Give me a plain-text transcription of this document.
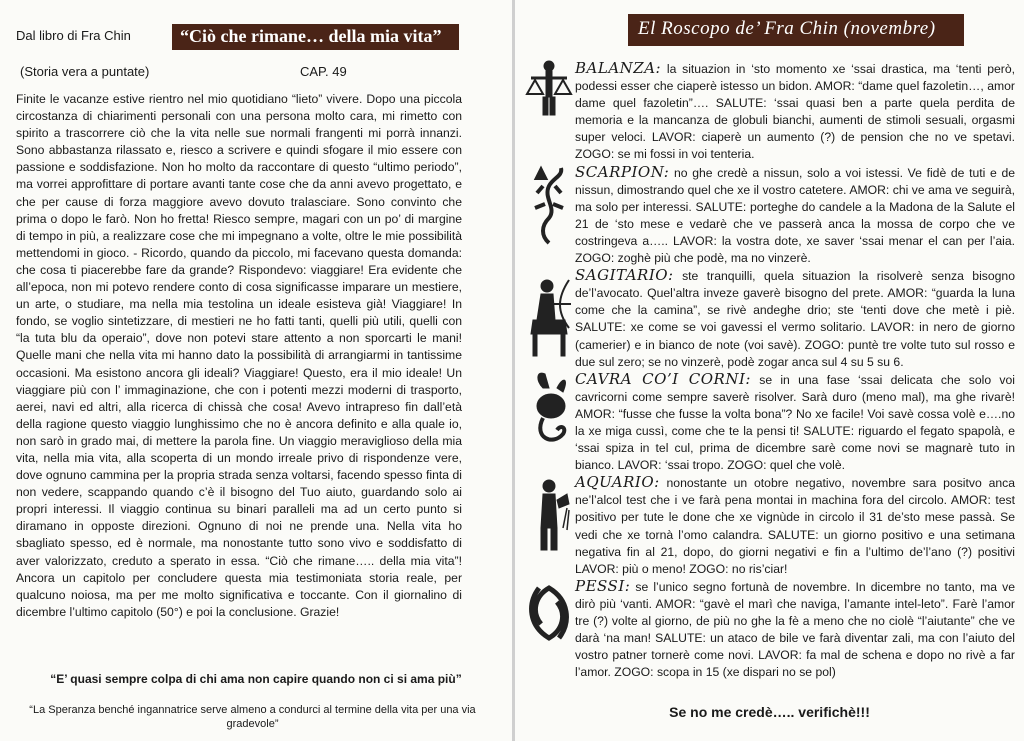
Dal libro di Fra Chin	“Ciò che rimane… della mia vita”
(Storia vera a puntate)	CAP. 49

Finite le vacanze estive rientro nel mio quotidiano “lieto” vivere. Dopo una piccola circostanza di chiarimenti personali con una persona molto cara, mi rimetto con spirito a trascorrere ciò che la vita nelle sue normali frangenti mi porrà innanzi. Sono abbastanza rilassato e, riesco a scrivere e quindi sfogare il mio essere con passione e soddisfazione. Non ho molto da raccontare di questo “ultimo periodo”, ma vorrei approfittare di portare avanti tante cose che da anni avevo progettato, e che per cause di forza maggiore avevo dovuto tralasciare. Sono convinto che prima o dopo le farò. Non ho fretta! Riesco sempre, magari con un po’ di margine di tempo in più, a realizzare cose che mi impegnano a volte, oltre le mie possibilità mettendomi in gioco. - Ricordo, quando da piccolo, mi facevano questa domanda: che cosa ti piacerebbe fare da grande? Rispondevo: viaggiare! Era evidente che all’epoca, non mi potevo rendere conto di cosa significasse imparare un mestiere, un arte, o studiare, ma nella mia testolina un ideale esisteva già! Viaggiare! In fondo, se voglio sintetizzare, di mestieri ne ho fatti tanti, quelli più utili, quelli con “la tuta blu da operaio”, dove non potevi stare attento a non sporcarti le mani! Quelle mani che nella vita mi hanno dato la possibilità di arrangiarmi in tantissime occasioni. Ma esistono ancora gli ideali? Viaggiare! Questo, era il mio ideale! Un viaggiare più con l’ immaginazione, che con i potenti mezzi moderni di trasporto, aerei, navi ed altri, alla ricerca di chissà che cosa! Avevo intrapreso fin dall’età della ragione questo viaggio lunghissimo che no è ancora definito e alla quale io, non sarò in grado mai, di mettere la parola fine. Un viaggio meraviglioso della mia vita, nella mia vita, alla scoperta di un mondo irreale privo di rispondenze vere, dove ognuno cammina per la propria strada senza voltarsi, facendo spesso finta di non vedere, scappando quando c’è il bisogno del Tuo aiuto, guardando solo ai propri interessi. Il viaggio continua su binari paralleli ma ad un certo punto si diramano in opposte direzioni. Ognuno di noi ne prende una. Nella vita ho sbagliato spesso, ed è normale, ma nonostante tutto sono vivo e soddisfatto di aver valorizzato, creduto a sperato in essa. “Ciò che rimane….. della mia vita”! Ancora un capitolo per concludere questa mia testimoniata storia reale, per qualcuno noiosa, ma per me molto significativa e toccante. Con il giornalino di dicembre l’ultimo capitolo (50°) e poi la conclusione. Grazie!

“E’ quasi sempre colpa di chi ama non capire quando non ci si ama più”
“La Speranza benché ingannatrice serve almeno a condurci al termine della vita per una via gradevole”
El Roscopo de’ Fra Chin (novembre)
BALANZA: la situazion in ‘sto momento xe ‘ssai drastica, ma ‘tenti però, podessi esser che ciaperè istesso un bidon. AMOR: “dame quel fazoletin…, amor dame quel fazoletin”…. SALUTE: ‘ssai quasi ben a parte quela perdita de memoria e la mancanza de globuli bianchi, aumenti de stimoli sesuali, orgasmi super veloci. LAVOR: ciaperè un aumento (?) de pension che no ve spetavi. ZOGO: se mi fossi in voi tenteria.
SCARPION: no ghe credè a nissun, solo a voi istessi. Ve fidè de tuti e de nissun, dimostrando quel che xe il vostro catetere. AMOR: chi ve ama ve seguirà, ma solo per interessi. SALUTE: porteghe do candele a la Madona de la Salute el 21 de ‘sto mese e vedarè che ve passerà anca la mossa de corpo che ve costringeva a….. LAVOR: la vostra dote, xe saver ‘ssai menar el can per l’aia. ZOGO: zoghè più che podè, ma no vinzerè.
SAGITARIO: ste tranquilli, quela situazion la risolverè senza bisogno de’l’avocato. Quel’altra inveze gaverè bisogno del prete. AMOR: “guarda la luna come che la camina”, se rivè andeghe drio; ste ‘tenti dove che metè i piè. SALUTE: xe come se voi gavessi el vermo solitario. LAVOR: in nero de giorno (camerier) e in bianco de note (voi savè). ZOGO: puntè tre volte tuto sul rosso e due sul zero; se no vinzerè, podè zogar anca sul 4 su 5 su 6.
CAVRA CO’I CORNI: se in una fase ‘ssai delicata che solo voi cavricorni come sempre saverè risolver. Sarà duro (meno mal), ma ghe rivarè! AMOR: “fusse che fusse la volta bona”? No xe facile! Voi savè cossa volè e….no la xe miga cussì, come che te la pensi ti! SALUTE: riguardo el fegato spapolà, e ‘ssai spiza in tel cul, prima de dicembre sarè come novi se magnarè tuto in bianco. LAVOR: ‘ssai tropo. ZOGO: quel che volè.
AQUARIO: nonostante un otobre negativo, novembre sara positvo anca ne’l’alcol test che i ve farà pena montai in machina fora del circolo. AMOR: test positivo per tute le done che xe vignùde in circolo il 31 de’sto mese passà. Se vedi che xe tornà l’omo calandra. SALUTE: un giorno positivo e una setimana negativa fin al 21, dopo, do giorni negativi e fin a l’ultimo de’l’ano (?) positivi LAVOR: più o meno! ZOGO: no ris’ciar!
PESSI: se l’unico segno fortunà de novembre. In dicembre no tanto, ma ve dirò più ‘vanti. AMOR: “gavè el marì che naviga, l’amante intel-leto”. Farè l’amor tre (?) volte al giorno, de più no ghe la fè a meno che no ciolè “l’aiutante” che ve darà ‘na man! SALUTE: un ataco de bile ve farà diventar zali, ma con l’aiuto del vostro patner tornerè come novi. LAVOR: fa mal de schena e dopo no rivè a far l’amor. ZOGO: scopa in 15 (xe dispari no se pol)
Se no me credè….. verifichè!!!
